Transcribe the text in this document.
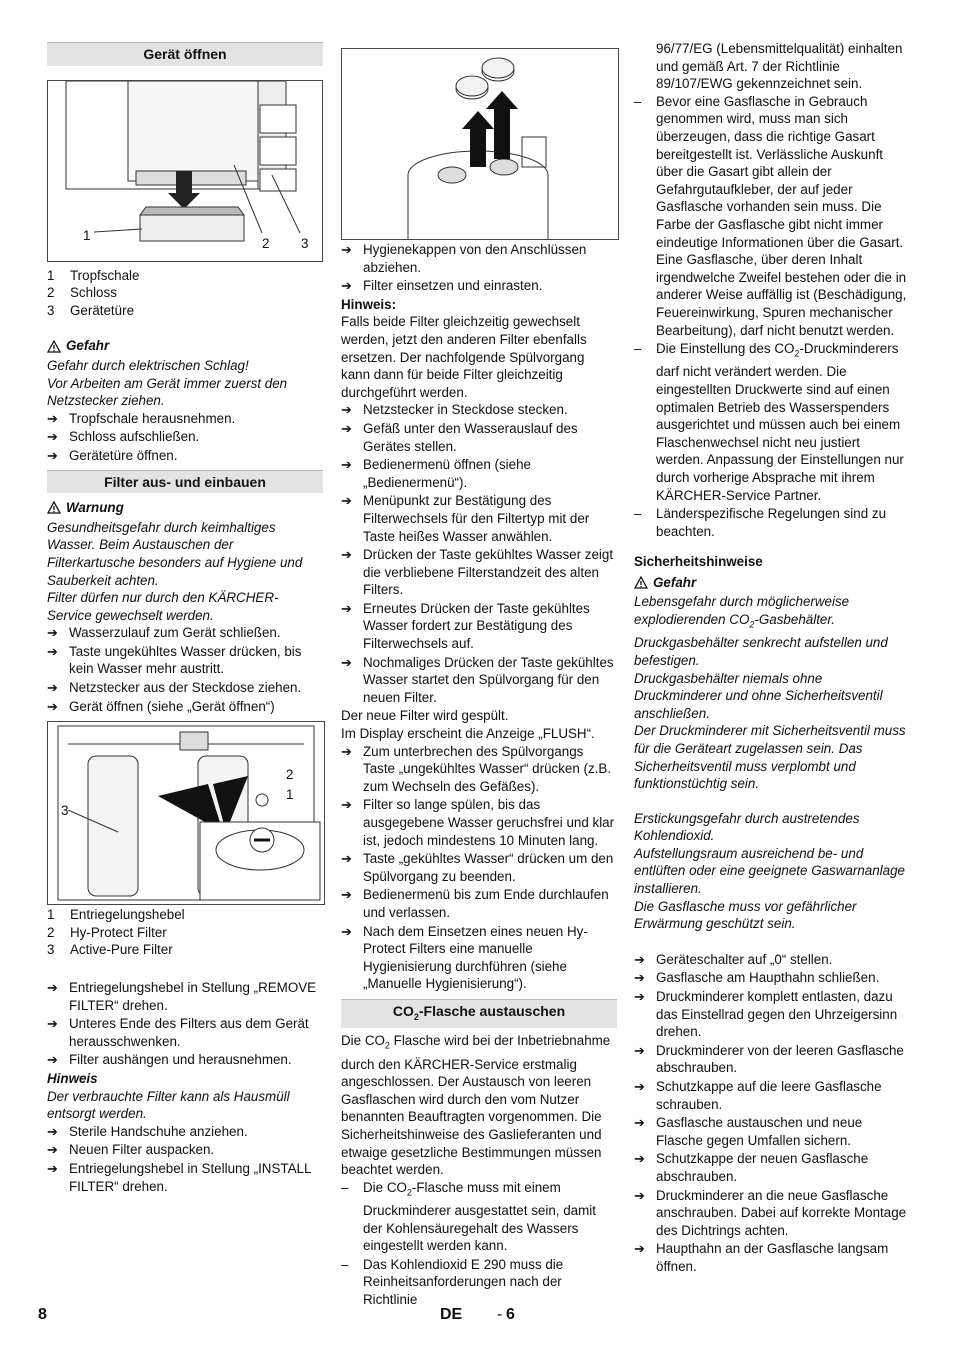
Gerät öffnen
1
2 3
1	Tropfschale
2	Schloss
3	Gerätetüre
Gefahr
Gefahr durch elektrischen Schlag!
Vor Arbeiten am Gerät immer zuerst den Netzstecker ziehen.
➔ Tropfschale herausnehmen.
➔ Schloss aufschließen.
➔ Gerätetüre öffnen.
Filter aus- und einbauen
Warnung
Gesundheitsgefahr durch keimhaltiges Wasser. Beim Austauschen der Filterkartusche besonders auf Hygiene und Sauberkeit achten.
Filter dürfen nur durch den KÄRCHER-Service gewechselt werden.
➔ Wasserzulauf zum Gerät schließen.
➔ Taste ungekühltes Wasser drücken, bis kein Wasser mehr austritt.
➔ Netzstecker aus der Steckdose ziehen.
➔ Gerät öffnen (siehe „Gerät öffnen“)
2
1
3
1	Entriegelungshebel
2	Hy-Protect Filter
3	Active-Pure Filter
➔ Entriegelungshebel in Stellung „REMOVE FILTER“ drehen.
➔ Unteres Ende des Filters aus dem Gerät herausschwenken.
➔ Filter aushängen und herausnehmen.
Hinweis
Der verbrauchte Filter kann als Hausmüll entsorgt werden.
➔ Sterile Handschuhe anziehen.
➔ Neuen Filter auspacken.
➔ Entriegelungshebel in Stellung „INSTALL FILTER“ drehen.
➔ Hygienekappen von den Anschlüssen abziehen.
➔ Filter einsetzen und einrasten.
Hinweis:
Falls beide Filter gleichzeitig gewechselt werden, jetzt den anderen Filter ebenfalls ersetzen. Der nachfolgende Spülvorgang kann dann für beide Filter gleichzeitig durchgeführt werden.
➔ Netzstecker in Steckdose stecken.
➔ Gefäß unter den Wasserauslauf des Gerätes stellen.
➔ Bedienermenü öffnen (siehe „Bedienermenü“).
➔ Menüpunkt zur Bestätigung des Filterwechsels für den Filtertyp mit der Taste heißes Wasser anwählen.
➔ Drücken der Taste gekühltes Wasser zeigt die verbliebene Filterstandzeit des alten Filters.
➔ Erneutes Drücken der Taste gekühltes Wasser fordert zur Bestätigung des Filterwechsels auf.
➔ Nochmaliges Drücken der Taste gekühltes Wasser startet den Spülvorgang für den neuen Filter.
Der neue Filter wird gespült.
Im Display erscheint die Anzeige „FLUSH“.
➔ Zum unterbrechen des Spülvorgangs Taste „ungekühltes Wasser“ drücken (z.B. zum Wechseln des Gefäßes).
➔ Filter so lange spülen, bis das ausgegebene Wasser geruchsfrei und klar ist, jedoch mindestens 10 Minuten lang.
➔ Taste „gekühltes Wasser“ drücken um den Spülvorgang zu beenden.
➔ Bedienermenü bis zum Ende durchlaufen und verlassen.
➔ Nach dem Einsetzen eines neuen Hy-Protect Filters eine manuelle Hygienisierung durchführen (siehe „Manuelle Hygienisierung“).
$CO_2$-Flasche austauschen
Die $CO_2$ Flasche wird bei der Inbetriebnahme durch den KÄRCHER-Service erstmalig angeschlossen. Der Austausch von leeren Gasflaschen wird durch den vom Nutzer benannten Beauftragten vorgenommen. Die Sicherheitshinweise des Gaslieferanten und etwaige gesetzliche Bestimmungen müssen beachtet werden.
–	Die $CO_2$-Flasche muss mit einem Druckminderer ausgestattet sein, damit der Kohlensäuregehalt des Wassers eingestellt werden kann.
–	Das Kohlendioxid E 290 muss die Reinheitsanforderungen nach der Richtlinie
96/77/EG (Lebensmittelqualität) einhalten und gemäß Art. 7 der Richtlinie 89/107/EWG gekennzeichnet sein.
–	Bevor eine Gasflasche in Gebrauch genommen wird, muss man sich überzeugen, dass die richtige Gasart bereitgestellt ist. Verlässliche Auskunft über die Gasart gibt allein der Gefahrgutaufkleber, der auf jeder Gasflasche vorhanden sein muss. Die Farbe der Gasflasche gibt nicht immer eindeutige Informationen über die Gasart. Eine Gasflasche, über deren Inhalt irgendwelche Zweifel bestehen oder die in anderer Weise auffällig ist (Beschädigung, Feuereinwirkung, Spuren mechanischer Bearbeitung), darf nicht benutzt werden.
–	Die Einstellung des $CO_2$-Druckminderers darf nicht verändert werden. Die eingestellten Druckwerte sind auf einen optimalen Betrieb des Wasserspenders ausgerichtet und müssen auch bei einem Flaschenwechsel nicht neu justiert werden. Anpassung der Einstellungen nur durch vorherige Absprache mit ihrem KÄRCHER-Service Partner.
–	Länderspezifische Regelungen sind zu beachten.
Sicherheitshinweise
Gefahr
Lebensgefahr durch möglicherweise explodierenden $CO_2$-Gasbehälter.
Druckgasbehälter senkrecht aufstellen und befestigen.
Druckgasbehälter niemals ohne Druckminderer und ohne Sicherheitsventil anschließen.
Der Druckminderer mit Sicherheitsventil muss für die Geräteart zugelassen sein. Das Sicherheitsventil muss verplombt und funktionstüchtig sein.
Erstickungsgefahr durch austretendes Kohlendioxid.
Aufstellungsraum ausreichend be- und entlüften oder eine geeignete Gaswarnanlage installieren.
Die Gasflasche muss vor gefährlicher Erwärmung geschützt sein.
➔ Geräteschalter auf „0“ stellen.
➔ Gasflasche am Haupthahn schließen.
➔ Druckminderer komplett entlasten, dazu das Einstellrad gegen den Uhrzeigersinn drehen.
➔ Druckminderer von der leeren Gasflasche abschrauben.
➔ Schutzkappe auf die leere Gasflasche schrauben.
➔ Gasflasche austauschen und neue Flasche gegen Umfallen sichern.
➔ Schutzkappe der neuen Gasflasche abschrauben.
➔ Druckminderer an die neue Gasflasche anschrauben. Dabei auf korrekte Montage des Dichtrings achten.
➔ Haupthahn an der Gasflasche langsam öffnen.
8	DE - 6
